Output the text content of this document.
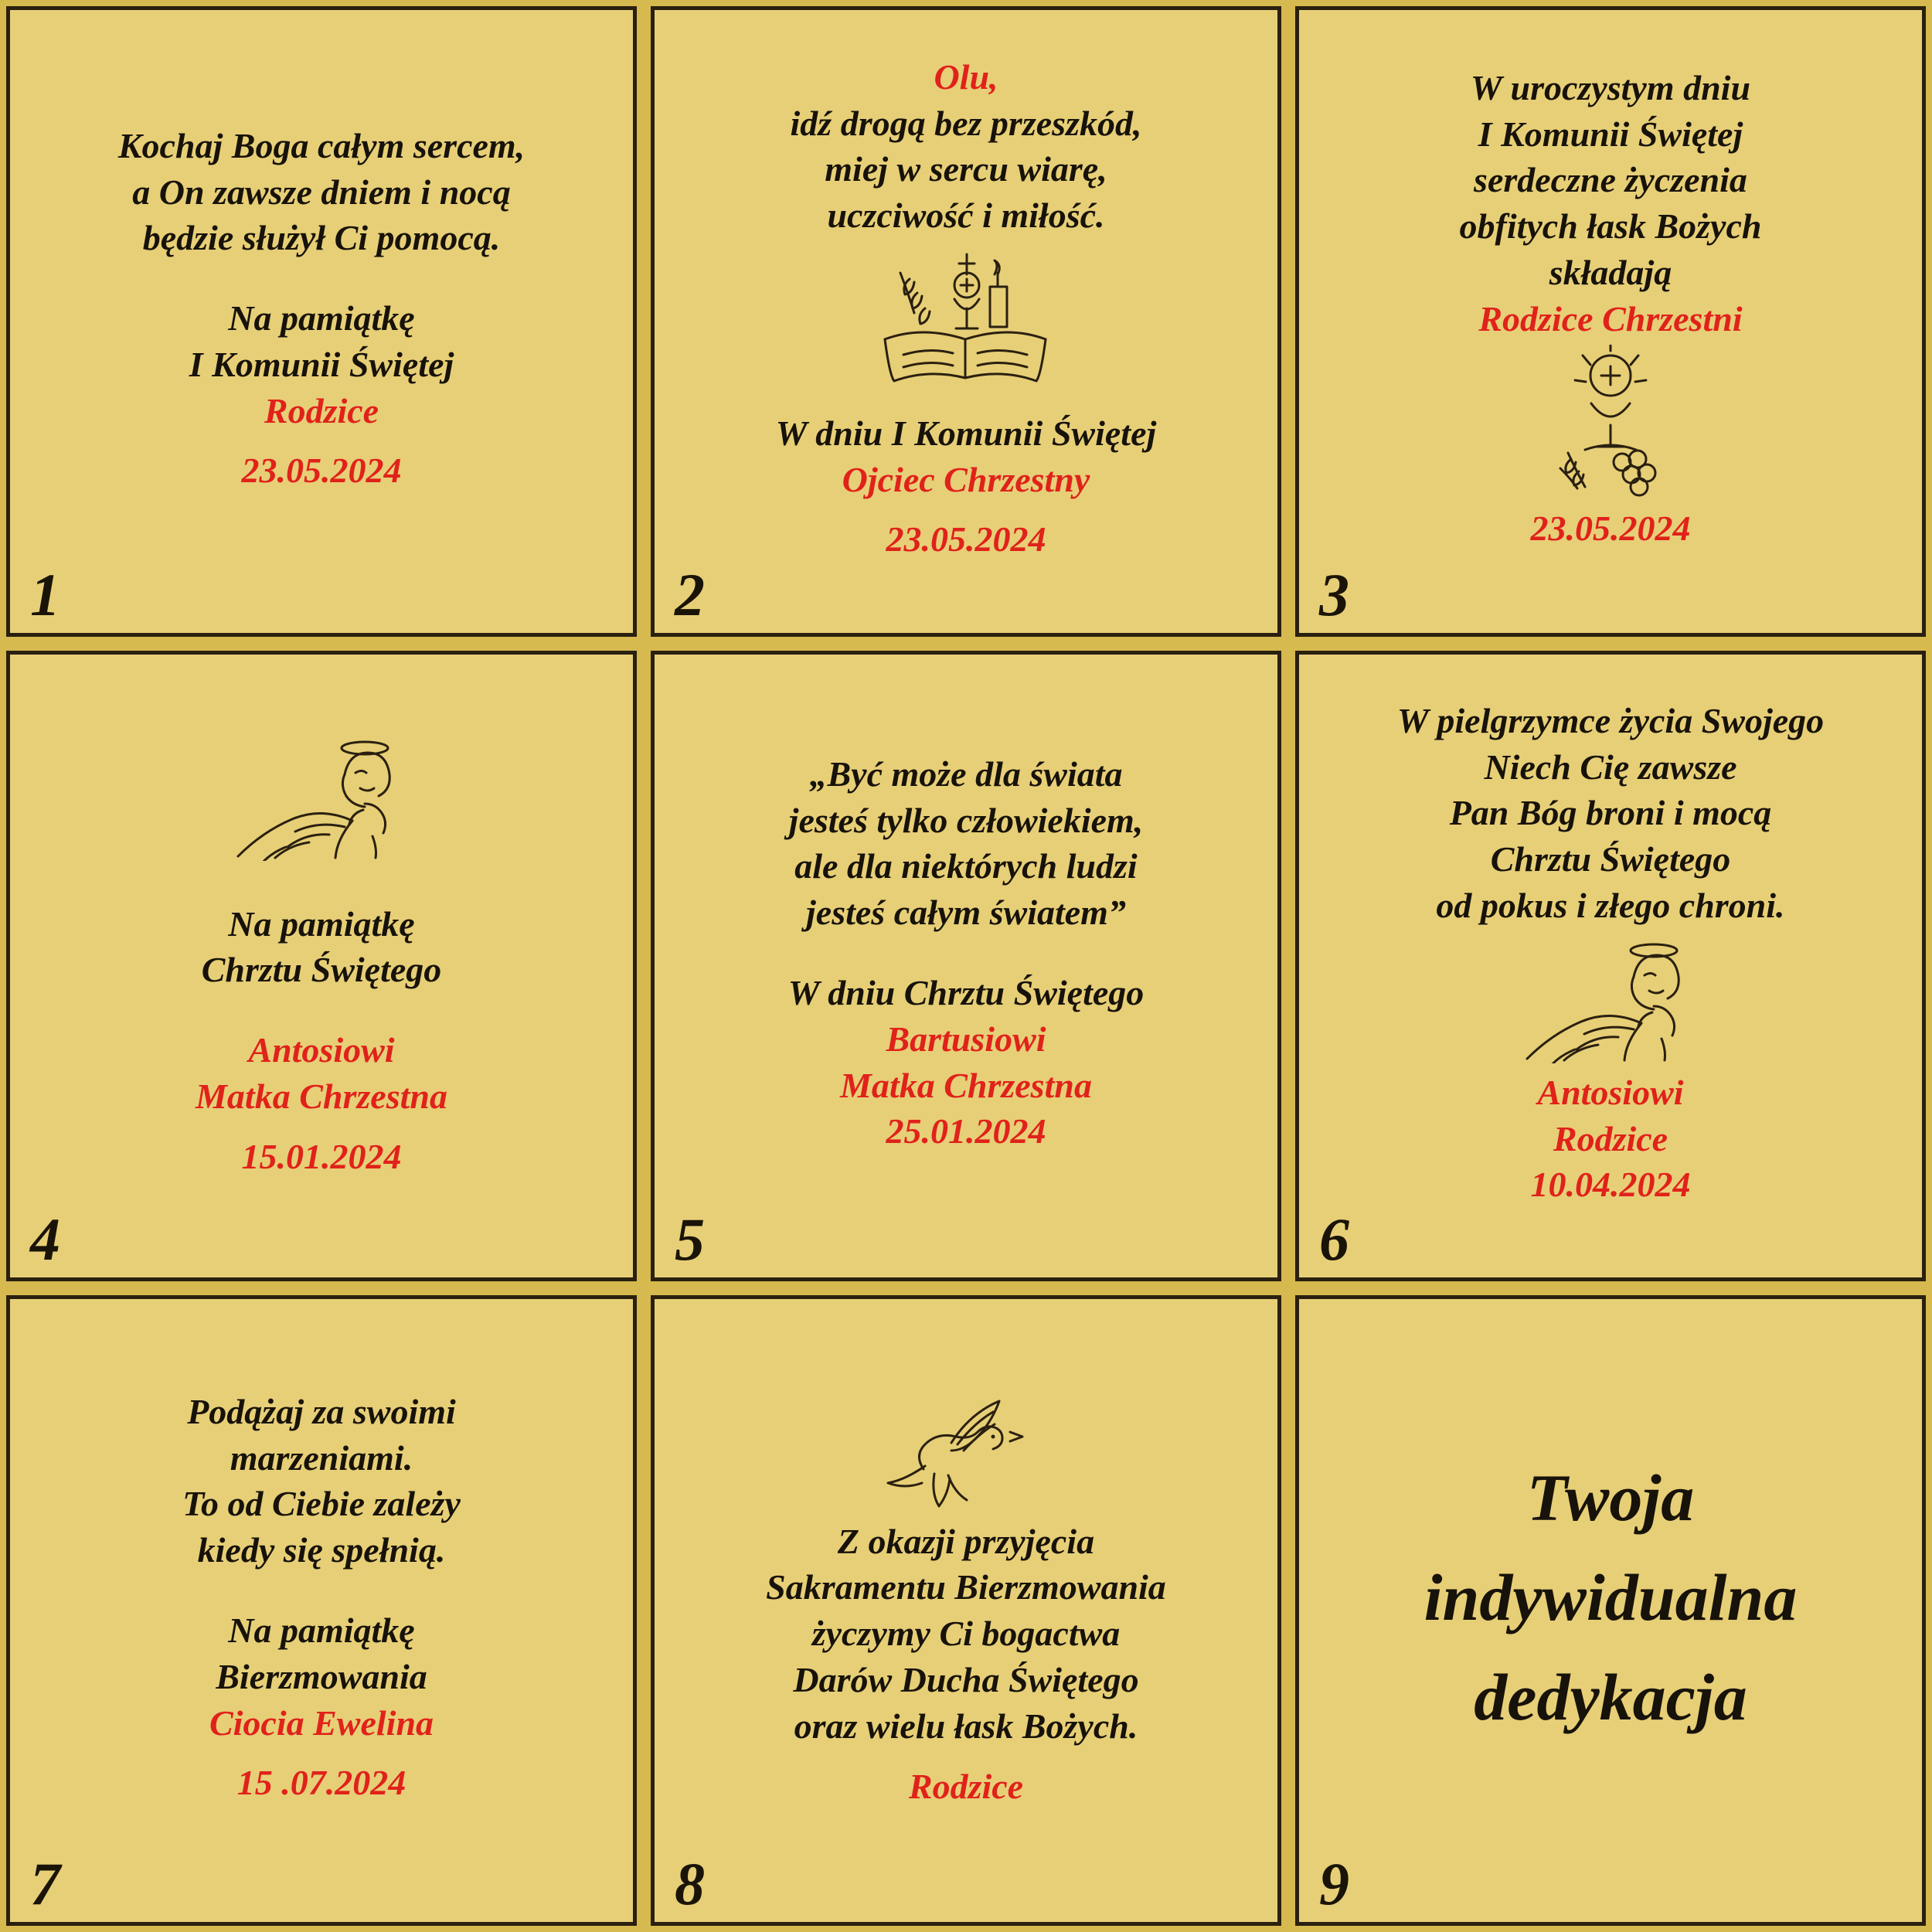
Kochaj Boga całym sercem,
a On zawsze dniem i nocą
będzie służył Ci pomocą.
Na pamiątkę
I Komunii Świętej
Rodzice
23.05.2024
1
Olu,
idź drogą bez przeszkód,
miej w sercu wiarę,
uczciwość i miłość.
W dniu I Komunii Świętej
Ojciec Chrzestny
23.05.2024
2
W uroczystym dniu
I Komunii Świętej
serdeczne życzenia
obfitych łask Bożych
składają
Rodzice Chrzestni
23.05.2024
3
Na pamiątkę
Chrztu Świętego
Antosiowi
Matka Chrzestna
15.01.2024
4
„Być może dla świata
jesteś tylko człowiekiem,
ale dla niektórych ludzi
jesteś całym światem”
W dniu Chrztu Świętego
Bartusiowi
Matka Chrzestna
25.01.2024
5
W pielgrzymce życia Swojego
Niech Cię zawsze
Pan Bóg broni i mocą
Chrztu Świętego
od pokus i złego chroni.
Antosiowi
Rodzice
10.04.2024
6
Podążaj za swoimi
marzeniami.
To od Ciebie zależy
kiedy się spełnią.
Na pamiątkę
Bierzmowania
Ciocia Ewelina
15 .07.2024
7
Z okazji przyjęcia
Sakramentu Bierzmowania
życzymy Ci bogactwa
Darów Ducha Świętego
oraz wielu łask Bożych.
Rodzice
8
Twoja
indywidualna
dedykacja
9
